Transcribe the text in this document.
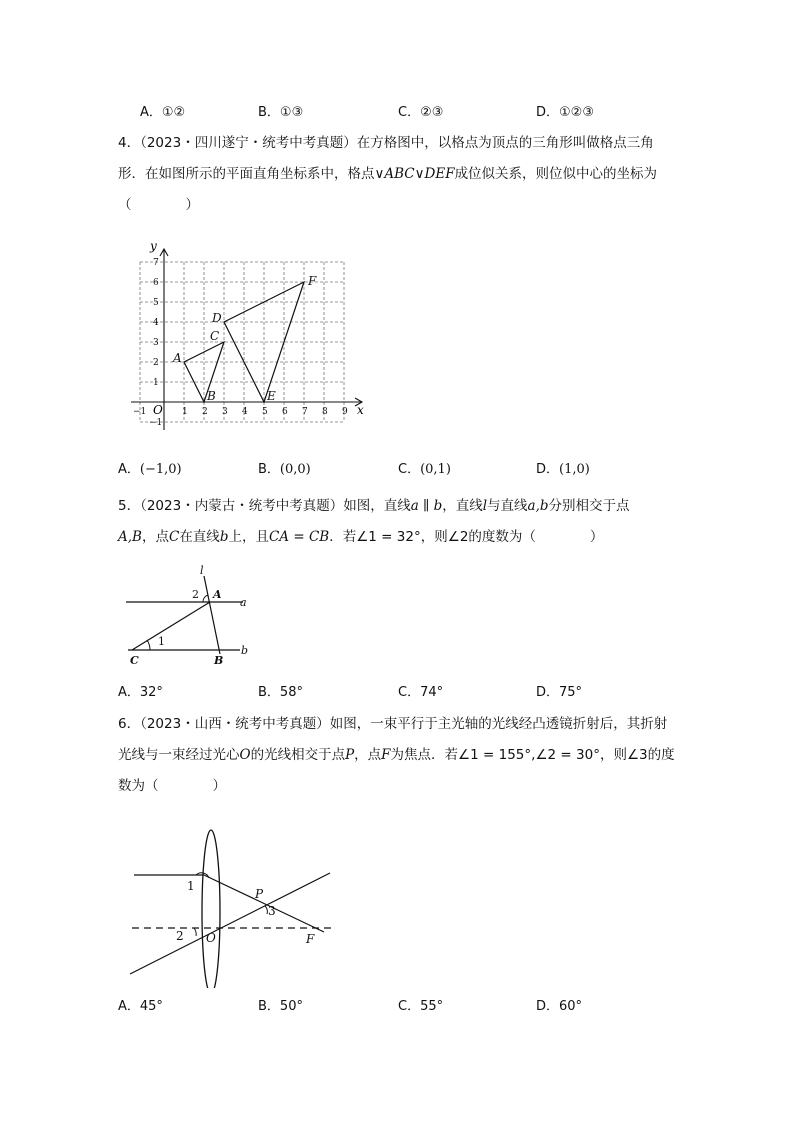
A．①②	B．①③	C．②③	D．①②③
4．（2023・四川遂宁・统考中考真题）在方格图中，以格点为顶点的三角形叫做格点三角
形．在如图所示的平面直角坐标系中，格点∨ABC∨DEF成位似关系，则位似中心的坐标为
（　　　　）
x
y
O
−1	1 2 3 4 5 6 7 8 9
7
6
5
4
3
2
1
−1
A
B
C
D
E
F
A．(−1,0)	B．(0,0)	C．(0,1)	D．(1,0)
5．（2023・内蒙古・统考中考真题）如图，直线a ∥ b，直线l与直线a,b分别相交于点
A,B，点C在直线b上，且CA = CB．若∠1 = 32°，则∠2的度数为（　　　　）
l
2 A
a
1
C	B
b
A．32°	B．58°	C．74°	D．75°
6．（2023・山西・统考中考真题）如图，一束平行于主光轴的光线经凸透镜折射后，其折射
光线与一束经过光心O的光线相交于点P，点F为焦点．若∠1 = 155°,∠2 = 30°，则∠3的度
数为（　　　　）
1
P
3
2 O	F
A．45°	B．50°	C．55°	D．60°
